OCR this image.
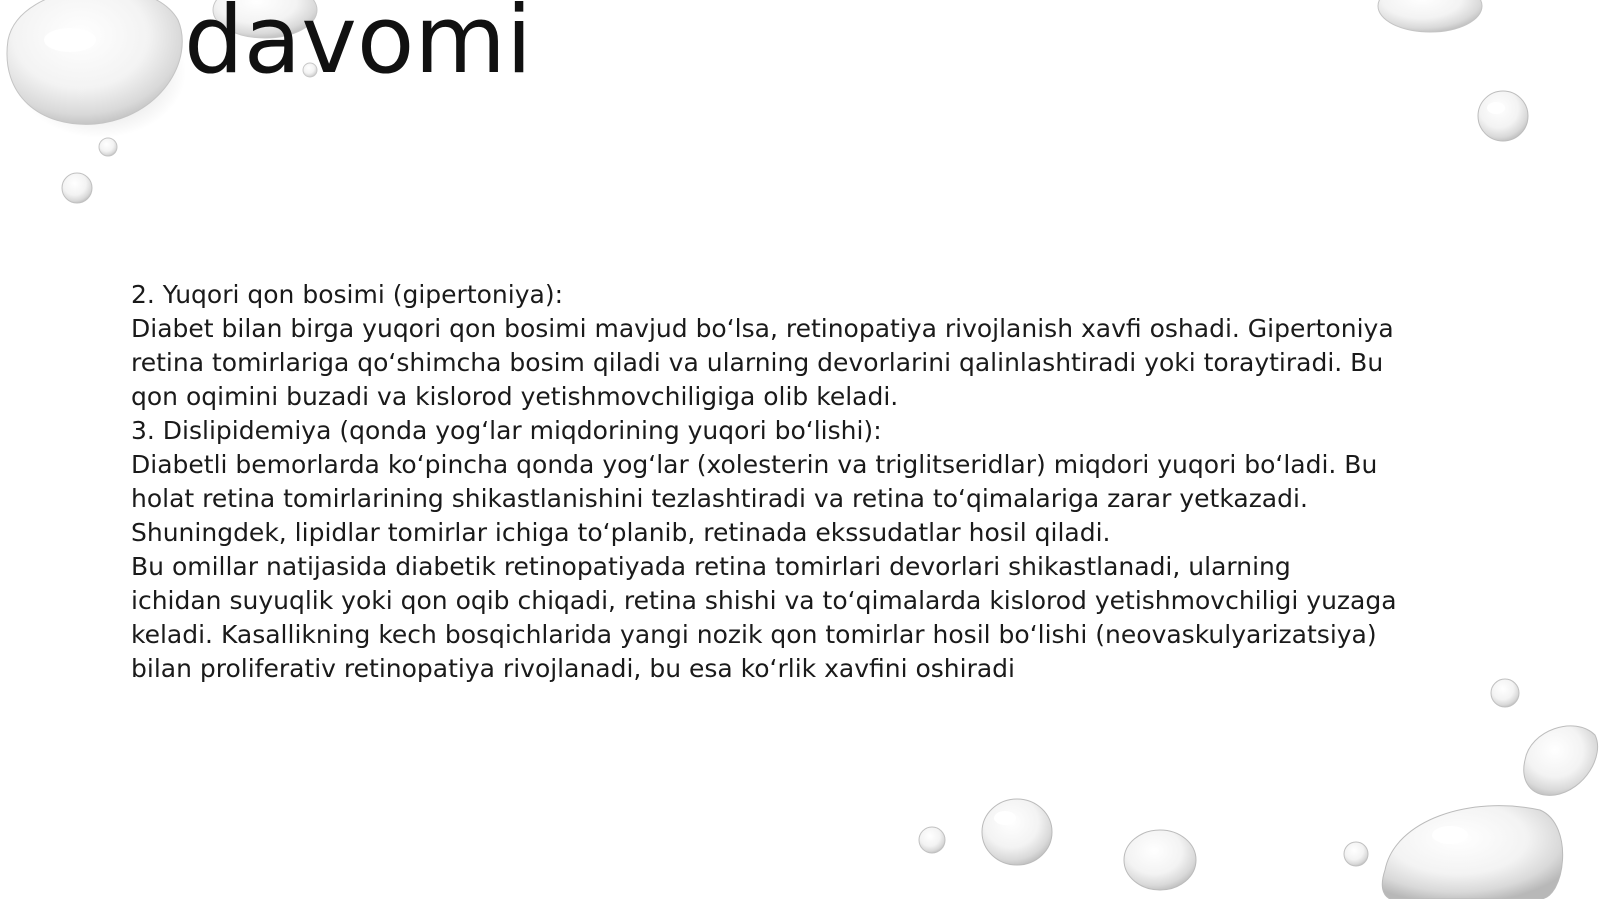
davomi

2. Yuqori qon bosimi (gipertoniya):

Diabet bilan birga yuqori qon bosimi mavjud bo‘lsa, retinopatiya rivojlanish xavfi oshadi. Gipertoniya

retina tomirlariga qo‘shimcha bosim qiladi va ularning devorlarini qalinlashtiradi yoki toraytiradi. Bu

qon oqimini buzadi va kislorod yetishmovchiligiga olib keladi.

3. Dislipidemiya (qonda yog‘lar miqdorining yuqori bo‘lishi):

Diabetli bemorlarda ko‘pincha qonda yog‘lar (xolesterin va triglitseridlar) miqdori yuqori bo‘ladi. Bu

holat retina tomirlarining shikastlanishini tezlashtiradi va retina to‘qimalariga zarar yetkazadi.

Shuningdek, lipidlar tomirlar ichiga to‘planib, retinada ekssudatlar hosil qiladi.

Bu omillar natijasida diabetik retinopatiyada retina tomirlari devorlari shikastlanadi, ularning

ichidan suyuqlik yoki qon oqib chiqadi, retina shishi va to‘qimalarda kislorod yetishmovchiligi yuzaga

keladi. Kasallikning kech bosqichlarida yangi nozik qon tomirlar hosil bo‘lishi (neovaskulyarizatsiya)

bilan proliferativ retinopatiya rivojlanadi, bu esa ko‘rlik xavfini oshiradi
